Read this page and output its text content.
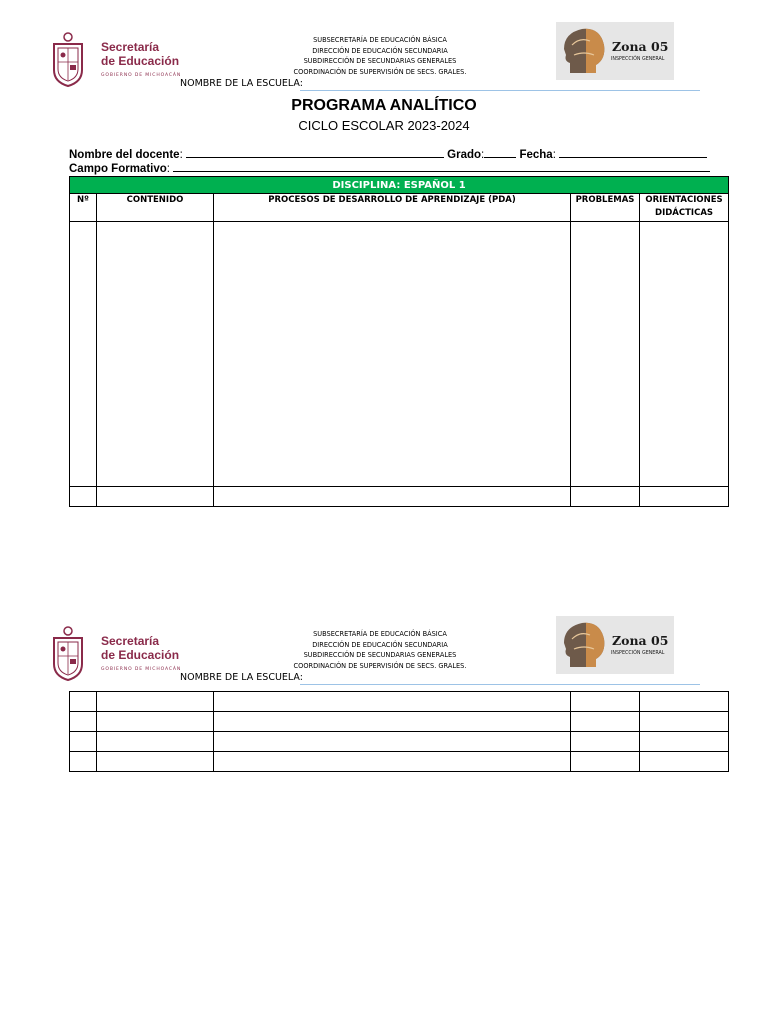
Secretaría
de Educación
GOBIERNO DE MICHOACÁN
SUBSECRETARÍA DE EDUCACIÓN BÁSICA
DIRECCIÓN DE EDUCACIÓN SECUNDARIA
SUBDIRECCIÓN DE SECUNDARIAS GENERALES
COORDINACIÓN DE SUPERVISIÓN DE SECS. GRALES.
Zona 05
INSPECCIÓN GENERAL
NOMBRE DE LA ESCUELA:
PROGRAMA ANALÍTICO
CICLO ESCOLAR 2023-2024
Nombre del docente:	Grado:	Fecha:
Campo Formativo:
DISCIPLINA: ESPAÑOL 1				
Nº	CONTENIDO	PROCESOS DE DESARROLLO DE APRENDIZAJE (PDA)	PROBLEMAS	ORIENTACIONES DIDÁCTICAS

Secretaría
de Educación
GOBIERNO DE MICHOACÁN
SUBSECRETARÍA DE EDUCACIÓN BÁSICA
DIRECCIÓN DE EDUCACIÓN SECUNDARIA
SUBDIRECCIÓN DE SECUNDARIAS GENERALES
COORDINACIÓN DE SUPERVISIÓN DE SECS. GRALES.
Zona 05
INSPECCIÓN GENERAL
NOMBRE DE LA ESCUELA:
